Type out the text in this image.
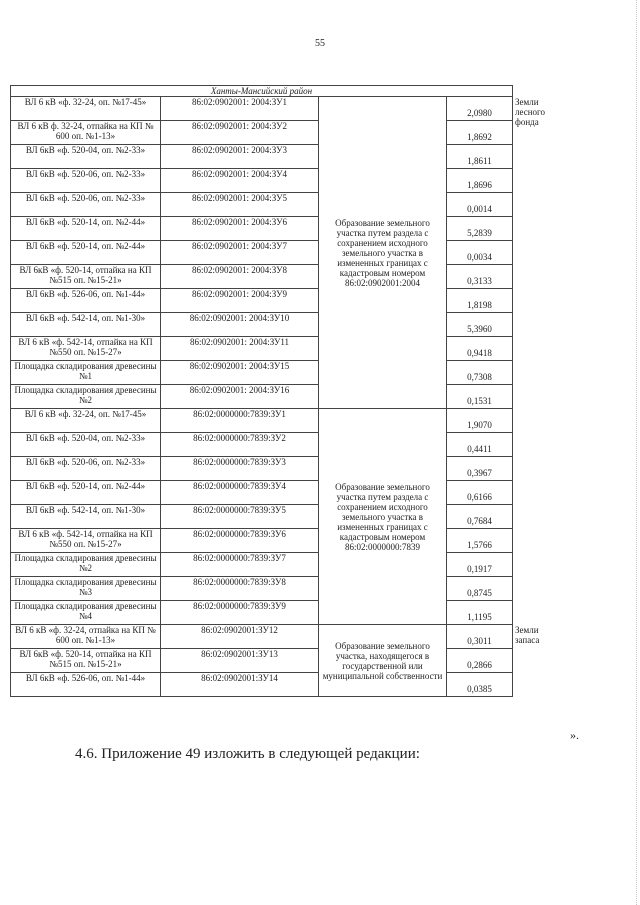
55
Ханты-Мансийский район				
ВЛ 6 кВ «ф. 32-24, оп. №17-45»	86:02:0902001: 2004:ЗУ1	Образование земельного участка путем раздела с сохранением исходного земельного участка в измененных границах с кадастровым номером 86:02:0902001:2004	2,0980	Земли лесного фонда
ВЛ 6 кВ ф. 32-24, отпайка на КП № 600 оп. №1-13»	86:02:0902001: 2004:ЗУ2		1,8692	
ВЛ 6кВ «ф. 520-04, оп. №2-33»	86:02:0902001: 2004:ЗУ3		1,8611	
ВЛ 6кВ «ф. 520-06, оп. №2-33»	86:02:0902001: 2004:ЗУ4		1,8696	
ВЛ 6кВ «ф. 520-06, оп. №2-33»	86:02:0902001: 2004:ЗУ5		0,0014	
ВЛ 6кВ «ф. 520-14, оп. №2-44»	86:02:0902001: 2004:ЗУ6		5,2839	
ВЛ 6кВ «ф. 520-14, оп. №2-44»	86:02:0902001: 2004:ЗУ7		0,0034	
ВЛ 6кВ «ф. 520-14, отпайка на КП №515 оп. №15-21»	86:02:0902001: 2004:ЗУ8		0,3133	
ВЛ 6кВ «ф. 526-06, оп. №1-44»	86:02:0902001: 2004:ЗУ9		1,8198	
ВЛ 6кВ «ф. 542-14, оп. №1-30»	86:02:0902001: 2004:ЗУ10		5,3960	
ВЛ 6 кВ «ф. 542-14, отпайка на КП №550 оп. №15-27»	86:02:0902001: 2004:ЗУ11		0,9418	
Площадка складирования древесины №1	86:02:0902001: 2004:ЗУ15		0,7308	
Площадка складирования древесины №2	86:02:0902001: 2004:ЗУ16		0,1531	
ВЛ 6 кВ «ф. 32-24, оп. №17-45»	86:02:0000000:7839:ЗУ1	Образование земельного участка путем раздела с сохранением исходного земельного участка в измененных границах с кадастровым номером 86:02:0000000:7839	1,9070	
ВЛ 6кВ «ф. 520-04, оп. №2-33»	86:02:0000000:7839:ЗУ2		0,4411	
ВЛ 6кВ «ф. 520-06, оп. №2-33»	86:02:0000000:7839:ЗУ3		0,3967	
ВЛ 6кВ «ф. 520-14, оп. №2-44»	86:02:0000000:7839:ЗУ4		0,6166	
ВЛ 6кВ «ф. 542-14, оп. №1-30»	86:02:0000000:7839:ЗУ5		0,7684	
ВЛ 6 кВ «ф. 542-14, отпайка на КП №550 оп. №15-27»	86:02:0000000:7839:ЗУ6		1,5766	
Площадка складирования древесины №2	86:02:0000000:7839:ЗУ7		0,1917	
Площадка складирования древесины №3	86:02:0000000:7839:ЗУ8		0,8745	
Площадка складирования древесины №4	86:02:0000000:7839:ЗУ9		1,1195	
ВЛ 6 кВ «ф. 32-24, отпайка на КП № 600 оп. №1-13»	86:02:0902001:ЗУ12	Образование земельного участка, находящегося в государственной или муниципальной собственности	0,3011	Земли запаса
ВЛ 6кВ «ф. 520-14, отпайка на КП №515 оп. №15-21»	86:02:0902001:ЗУ13		0,2866	
ВЛ 6кВ «ф. 526-06, оп. №1-44»	86:02:0902001:ЗУ14		0,0385	
».
4.6. Приложение 49 изложить в следующей редакции:
